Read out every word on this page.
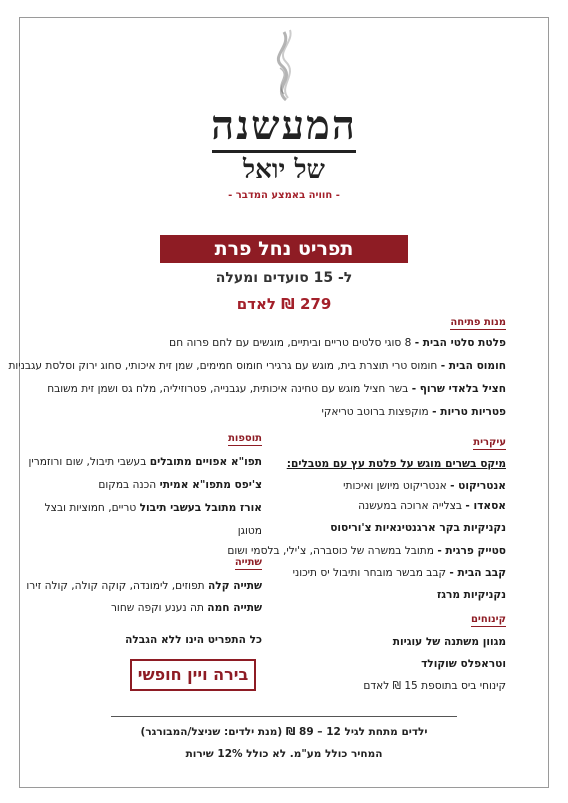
המעשנה
של יואל
- חוויה באמצע המדבר -
תפריט נחל פרת
ל- 15 סועדים ומעלה
279 ₪ לאדם
מנות פתיחה
פלטת סלטי הבית - 8 סוגי סלטים טריים וביתיים, מוגשים עם לחם פרוה חם
חומוס הבית - חומוס טרי תוצרת בית, מוגש עם גרגירי חומוס חמימים, שמן זית איכותי, סחוג ירוק וסלסת עגבניות
חציל בלאדי שרוף - בשר חציל מוגש עם טחינה איכותית, עגבנייה, פטרוזיליה, מלח גס ושמן זית משובח
פטריות טריות - מוקפצות ברוטב טריאקי
עיקרית
מיקס בשרים מוגש על פלטת עץ עם מטבלים:
אנטריקוט - אנטריקוט מיושן ואיכותי
אסאדו - בצלייה ארוכה במעשנה
נקניקיות בקר ארגנטינאיות צ'וריסוס
סטייק פרגית - מתובל במשרה של כוסברה, צ'ילי, בלסמי ושום
קבב הבית - קבב מבשר מובחר ותיבול יס תיכוני
נקניקיות מרגז
קינוחים
מגוון משתנה של עוגיות
וטראפלס שוקולד
קינוחי ביס בתוספת 15 ₪ לאדם
תוספות
תפו"א אפויים מתובלים בעשבי תיבול, שום ורוזמרין
צ'יפס מתפו"א אמיתי הכנה במקום
אורז מתובל בעשבי תיבול טריים, חמוציות ובצל
מטוגן
שתייה
שתייה קלה תפוזים, לימונדה, קוקה קולה, קולה זירו
שתייה חמה תה נענע וקפה שחור
כל התפריט הינו ללא הגבלה
בירה ויין חופשי
ילדים מתחת לגיל 12 – 89 ₪ (מנת ילדים: שניצל/המבורגר)
המחיר כולל מע"מ. לא כולל 12% שירות
